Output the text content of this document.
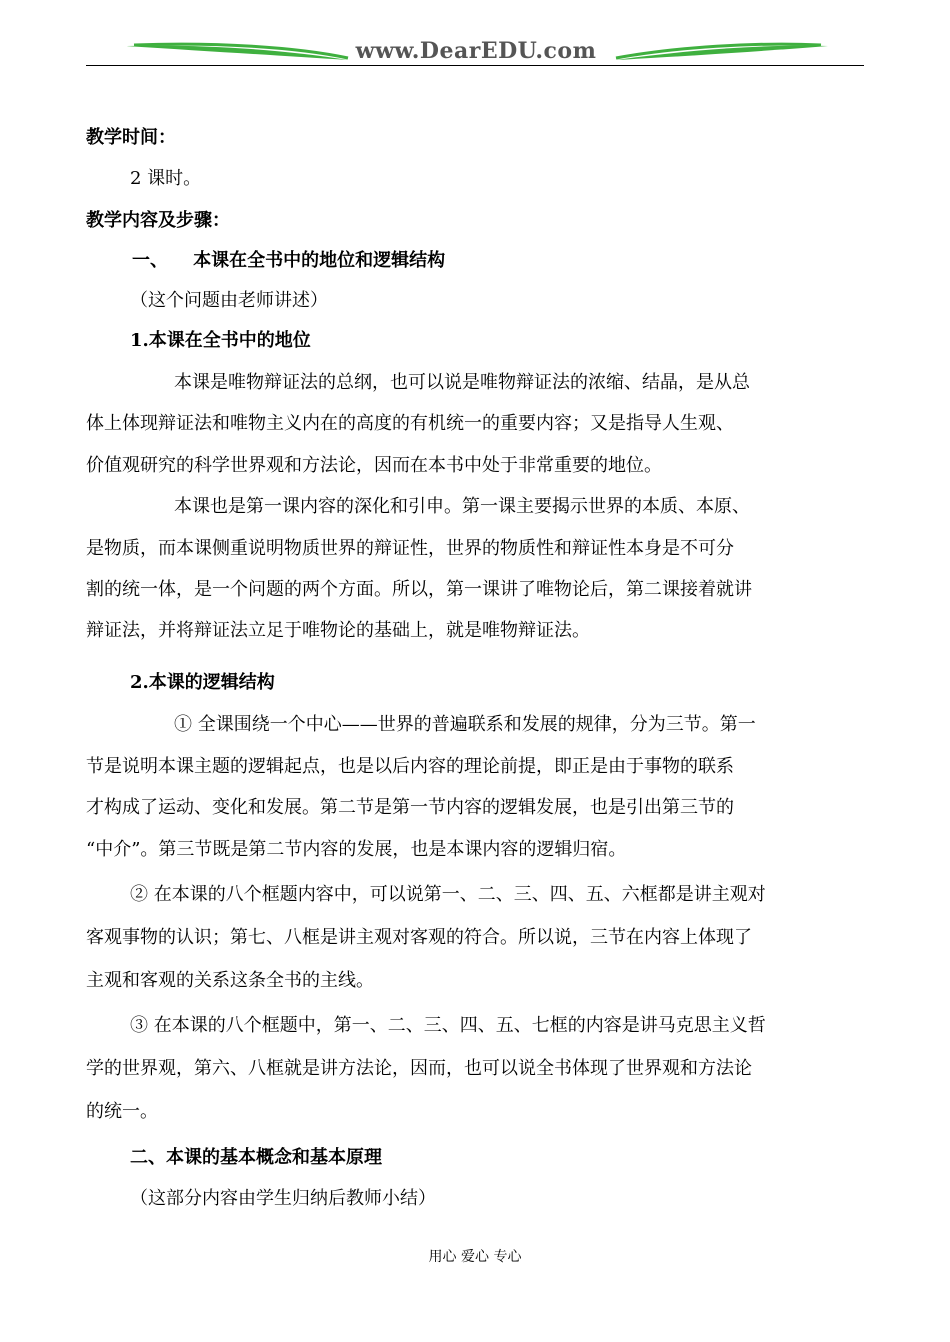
www.DearEDU.com
教学时间：
2 课时。
教学内容及步骤：
一、    本课在全书中的地位和逻辑结构
（这个问题由老师讲述）
1.本课在全书中的地位
本课是唯物辩证法的总纲，也可以说是唯物辩证法的浓缩、结晶，是从总
体上体现辩证法和唯物主义内在的高度的有机统一的重要内容；又是指导人生观、
价值观研究的科学世界观和方法论，因而在本书中处于非常重要的地位。
本课也是第一课内容的深化和引申。第一课主要揭示世界的本质、本原、
是物质，而本课侧重说明物质世界的辩证性，世界的物质性和辩证性本身是不可分
割的统一体，是一个问题的两个方面。所以，第一课讲了唯物论后，第二课接着就讲
辩证法，并将辩证法立足于唯物论的基础上，就是唯物辩证法。
2.本课的逻辑结构
① 全课围绕一个中心——世界的普遍联系和发展的规律，分为三节。第一
节是说明本课主题的逻辑起点，也是以后内容的理论前提，即正是由于事物的联系
才构成了运动、变化和发展。第二节是第一节内容的逻辑发展，也是引出第三节的
“中介”。第三节既是第二节内容的发展，也是本课内容的逻辑归宿。
② 在本课的八个框题内容中，可以说第一、二、三、四、五、六框都是讲主观对
客观事物的认识；第七、八框是讲主观对客观的符合。所以说，三节在内容上体现了
主观和客观的关系这条全书的主线。
③ 在本课的八个框题中，第一、二、三、四、五、七框的内容是讲马克思主义哲
学的世界观，第六、八框就是讲方法论，因而，也可以说全书体现了世界观和方法论
的统一。
二、本课的基本概念和基本原理
（这部分内容由学生归纳后教师小结）
用心 爱心 专心
